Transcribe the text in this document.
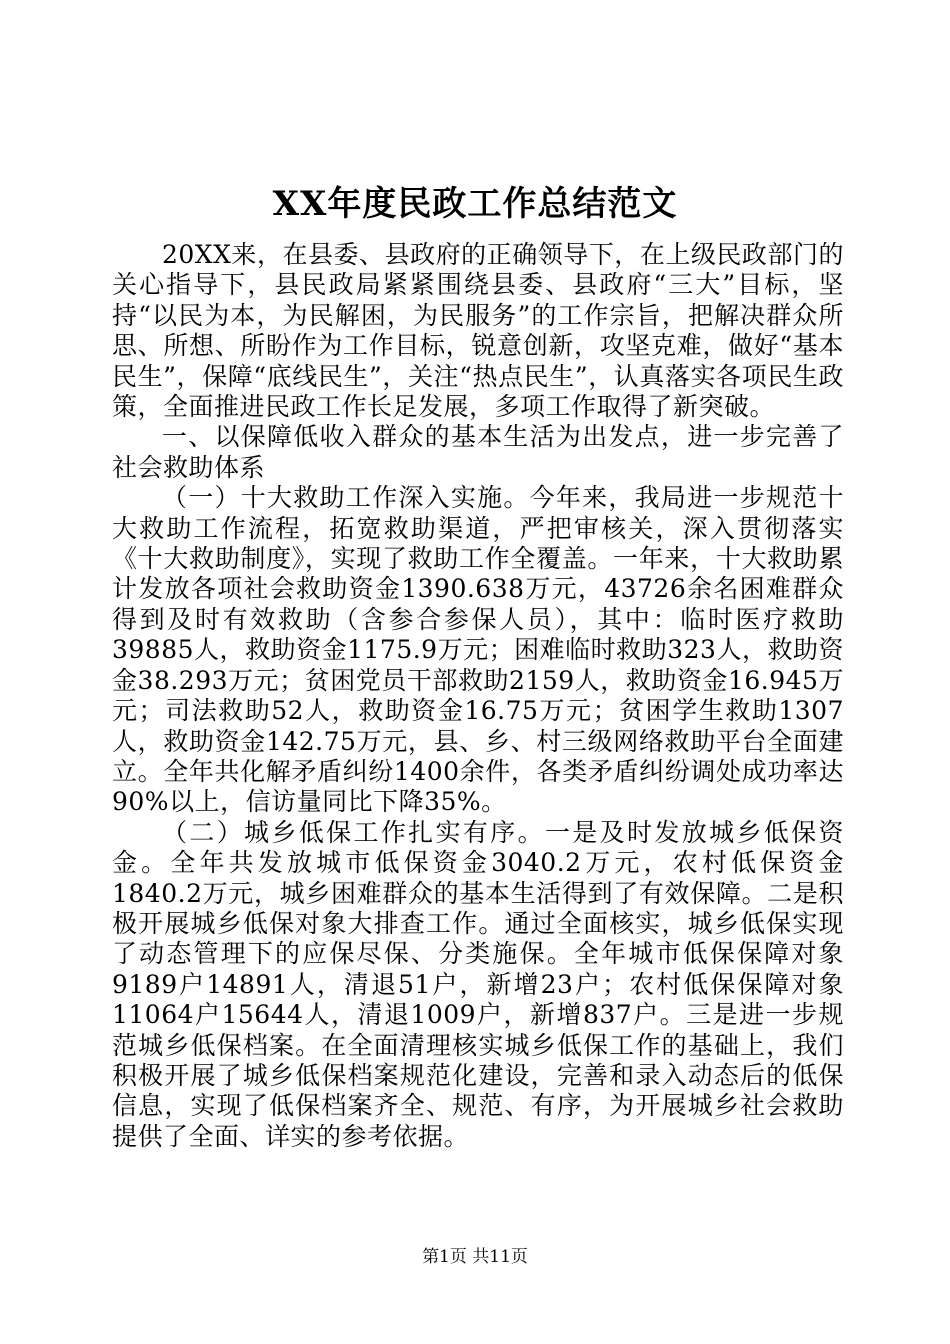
XX年度民政工作总结范文

20XX来，在县委、县政府的正确领导下，在上级民政部门的关心指导下，县民政局紧紧围绕县委、县政府“三大”目标，坚持“以民为本，为民解困，为民服务”的工作宗旨，把解决群众所思、所想、所盼作为工作目标，锐意创新，攻坚克难，做好“基本民生”，保障“底线民生”，关注“热点民生”，认真落实各项民生政策，全面推进民政工作长足发展，多项工作取得了新突破。

一、以保障低收入群众的基本生活为出发点，进一步完善了社会救助体系

（一）十大救助工作深入实施。今年来，我局进一步规范十大救助工作流程，拓宽救助渠道，严把审核关，深入贯彻落实《十大救助制度》，实现了救助工作全覆盖。一年来，十大救助累计发放各项社会救助资金1390.638万元，43726余名困难群众得到及时有效救助（含参合参保人员），其中：临时医疗救助39885人，救助资金1175.9万元；困难临时救助323人，救助资金38.293万元；贫困党员干部救助2159人，救助资金16.945万元；司法救助52人，救助资金16.75万元；贫困学生救助1307人，救助资金142.75万元，县、乡、村三级网络救助平台全面建立。全年共化解矛盾纠纷1400余件，各类矛盾纠纷调处成功率达90%以上，信访量同比下降35%。

（二）城乡低保工作扎实有序。一是及时发放城乡低保资金。全年共发放城市低保资金3040.2万元，农村低保资金1840.2万元，城乡困难群众的基本生活得到了有效保障。二是积极开展城乡低保对象大排查工作。通过全面核实，城乡低保实现了动态管理下的应保尽保、分类施保。全年城市低保保障对象9189户14891人，清退51户，新增23户；农村低保保障对象11064户15644人，清退1009户，新增837户。三是进一步规范城乡低保档案。在全面清理核实城乡低保工作的基础上，我们积极开展了城乡低保档案规范化建设，完善和录入动态后的低保信息，实现了低保档案齐全、规范、有序，为开展城乡社会救助提供了全面、详实的参考依据。

第1页 共11页
